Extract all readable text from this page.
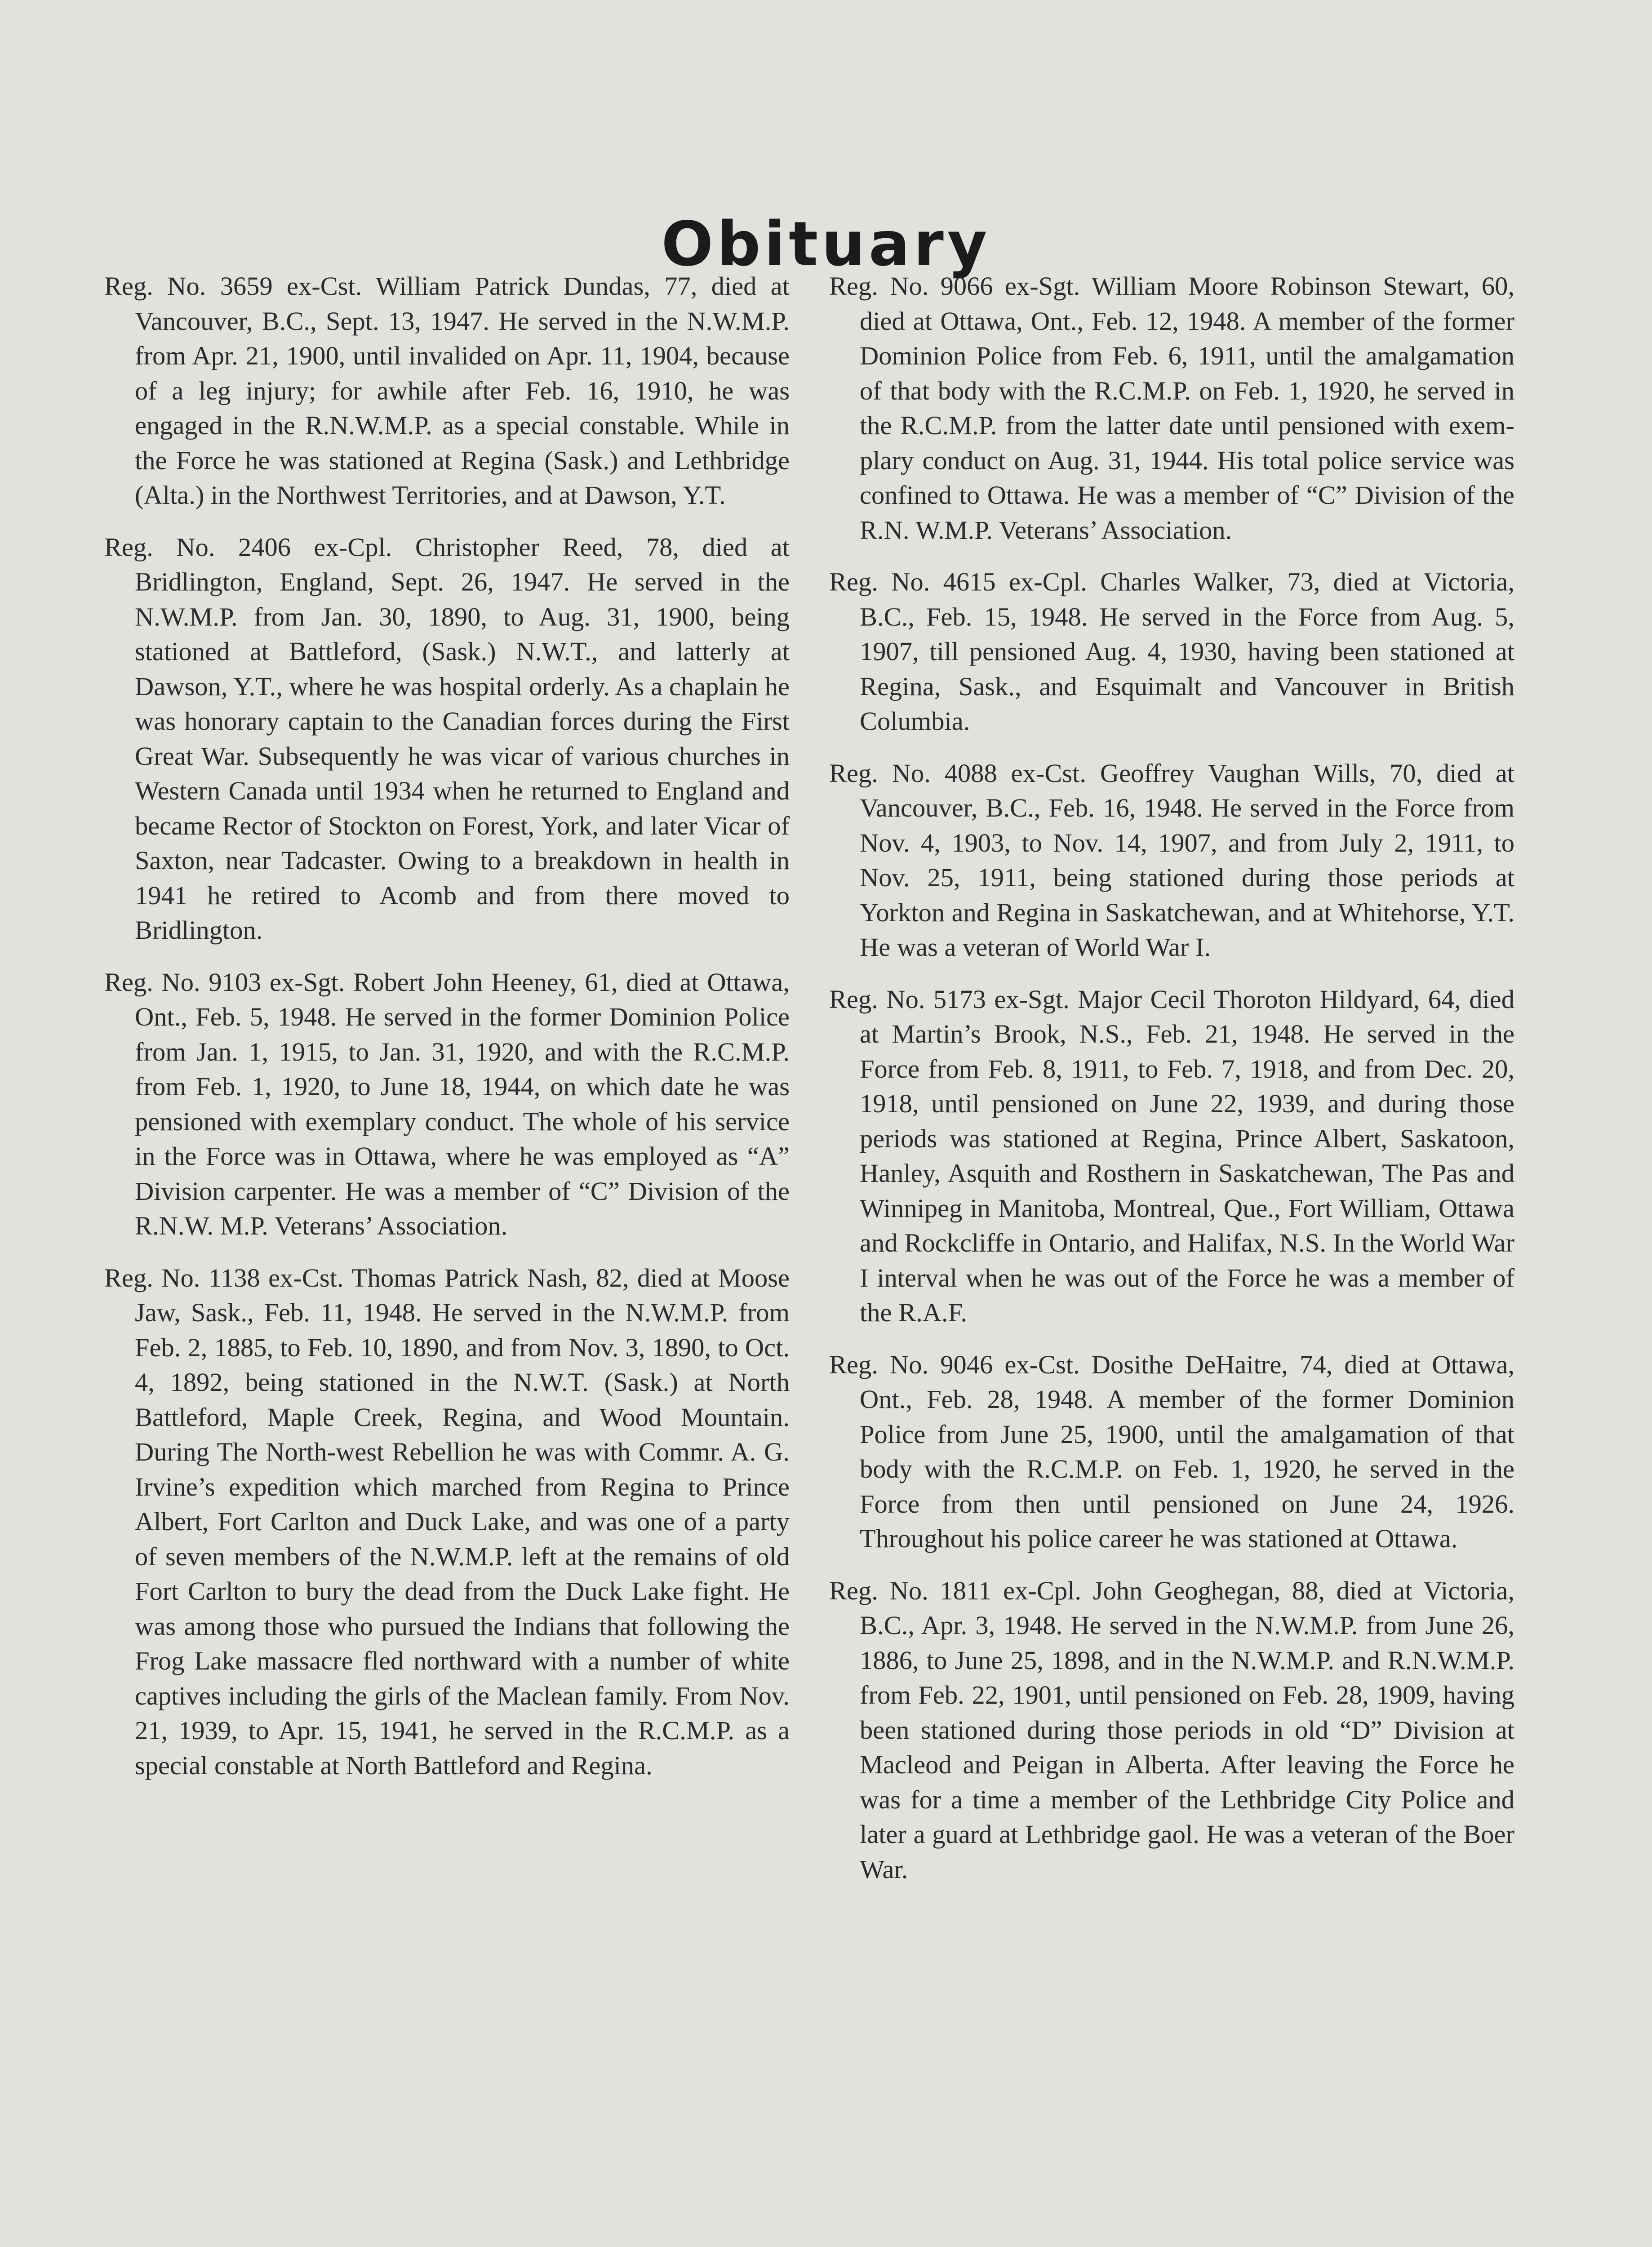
Obituary

Reg. No. 3659 ex-Cst. William Patrick Dundas, 77, died at Vancouver, B.C., Sept. 13, 1947. He served in the N.W.M.P. from Apr. 21, 1900, until invalided on Apr. 11, 1904, because of a leg injury; for awhile after Feb. 16, 1910, he was engaged in the R.N.W.M.P. as a special constable. While in the Force he was stationed at Regina (Sask.) and Lethbridge (Alta.) in the Northwest Territories, and at Dawson, Y.T.

Reg. No. 2406 ex-Cpl. Christopher Reed, 78, died at Bridlington, England, Sept. 26, 1947. He served in the N.W.M.P. from Jan. 30, 1890, to Aug. 31, 1900, being stationed at Battleford, (Sask.) N.W.T., and latterly at Dawson, Y.T., where he was hospital orderly. As a chaplain he was honorary captain to the Canadian forces during the First Great War. Subsequently he was vicar of various churches in Western Canada until 1934 when he returned to England and became Rector of Stockton on Forest, York, and later Vicar of Saxton, near Tadcaster. Owing to a breakdown in health in 1941 he retired to Acomb and from there moved to Bridlington.

Reg. No. 9103 ex-Sgt. Robert John Heeney, 61, died at Ottawa, Ont., Feb. 5, 1948. He served in the former Dominion Police from Jan. 1, 1915, to Jan. 31, 1920, and with the R.C.M.P. from Feb. 1, 1920, to June 18, 1944, on which date he was pensioned with exemplary conduct. The whole of his service in the Force was in Ottawa, where he was employed as “A” Division carpenter. He was a member of “C” Division of the R.N.W. M.P. Veterans’ Association.

Reg. No. 1138 ex-Cst. Thomas Patrick Nash, 82, died at Moose Jaw, Sask., Feb. 11, 1948. He served in the N.W.M.P. from Feb. 2, 1885, to Feb. 10, 1890, and from Nov. 3, 1890, to Oct. 4, 1892, being stationed in the N.W.T. (Sask.) at North Battleford, Maple Creek, Regina, and Wood Mountain. During The North-west Rebellion he was with Commr. A. G. Irvine’s expedition which marched from Regina to Prince Albert, Fort Carlton and Duck Lake, and was one of a party of seven members of the N.W.M.P. left at the remains of old Fort Carlton to bury the dead from the Duck Lake fight. He was among those who pursued the Indians that following the Frog Lake massacre fled northward with a number of white captives including the girls of the Maclean family. From Nov. 21, 1939, to Apr. 15, 1941, he served in the R.C.M.P. as a special constable at North Battleford and Regina.

Reg. No. 9066 ex-Sgt. William Moore Robinson Stewart, 60, died at Ottawa, Ont., Feb. 12, 1948. A member of the former Dominion Police from Feb. 6, 1911, until the amalgamation of that body with the R.C.M.P. on Feb. 1, 1920, he served in the R.C.M.P. from the latter date until pensioned with exemplary conduct on Aug. 31, 1944. His total police service was confined to Ottawa. He was a member of “C” Division of the R.N. W.M.P. Veterans’ Association.

Reg. No. 4615 ex-Cpl. Charles Walker, 73, died at Victoria, B.C., Feb. 15, 1948. He served in the Force from Aug. 5, 1907, till pensioned Aug. 4, 1930, having been stationed at Regina, Sask., and Esquimalt and Vancouver in British Columbia.

Reg. No. 4088 ex-Cst. Geoffrey Vaughan Wills, 70, died at Vancouver, B.C., Feb. 16, 1948. He served in the Force from Nov. 4, 1903, to Nov. 14, 1907, and from July 2, 1911, to Nov. 25, 1911, being stationed during those periods at Yorkton and Regina in Saskatchewan, and at Whitehorse, Y.T. He was a veteran of World War I.

Reg. No. 5173 ex-Sgt. Major Cecil Thoroton Hildyard, 64, died at Martin’s Brook, N.S., Feb. 21, 1948. He served in the Force from Feb. 8, 1911, to Feb. 7, 1918, and from Dec. 20, 1918, until pensioned on June 22, 1939, and during those periods was stationed at Regina, Prince Albert, Saskatoon, Hanley, Asquith and Rosthern in Saskatchewan, The Pas and Winnipeg in Manitoba, Montreal, Que., Fort William, Ottawa and Rockcliffe in Ontario, and Halifax, N.S. In the World War I interval when he was out of the Force he was a member of the R.A.F.

Reg. No. 9046 ex-Cst. Dosithe DeHaitre, 74, died at Ottawa, Ont., Feb. 28, 1948. A member of the former Dominion Police from June 25, 1900, until the amalgamation of that body with the R.C.M.P. on Feb. 1, 1920, he served in the Force from then until pensioned on June 24, 1926. Throughout his police career he was stationed at Ottawa.

Reg. No. 1811 ex-Cpl. John Geoghegan, 88, died at Victoria, B.C., Apr. 3, 1948. He served in the N.W.M.P. from June 26, 1886, to June 25, 1898, and in the N.W.M.P. and R.N.W.M.P. from Feb. 22, 1901, until pensioned on Feb. 28, 1909, having been stationed during those periods in old “D” Division at Macleod and Peigan in Alberta. After leaving the Force he was for a time a member of the Lethbridge City Police and later a guard at Lethbridge gaol. He was a veteran of the Boer War.
